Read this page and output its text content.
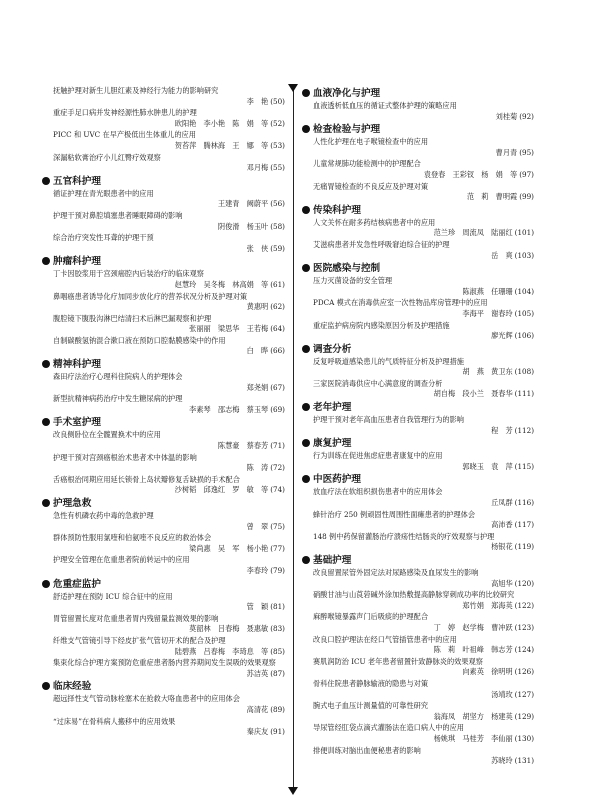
抚触护理对新生儿胆红素及神经行为能力的影响研究
李　艳 (50)
重症手足口病并发神经源性肺水肿患儿的护理
欧阳艳　李小艳　陈　娟　等 (52)
PICC 和 UVC 在早产极低出生体重儿的应用
贺苔萍　腾林海　王　娜　等 (53)
深漏粘软膏治疗小儿红臀疗效观察
邓月梅 (55)
五官科护理
循证护理在青光眼患者中的应用
王建青　阙蔚平 (56)
护理干预对鼻腔填塞患者睡眠障碍的影响
阴俊滑　杨玉叶 (58)
综合治疗突发性耳聋的护理干预
张　侠 (59)
肿瘤科护理
丁卡因胶浆用于宫颈癌腔内后装治疗的临床观察
赵慧玲　吴冬梅　林高娟　等 (61)
鼻咽癌患者诱导化疗加同步放化疗的营养状况分析及护理对策
黄惠明 (62)
腹腔镜下腹股沟淋巴结清扫术后淋巴漏观察和护理
张丽丽　梁思华　王若梅 (64)
自制碳酸氢钠混合漱口液在预防口腔黏膜感染中的作用
白　晔 (66)
精神科护理
森田疗法治疗心理科住院病人的护理体会
郑尧娟 (67)
新型抗精神病药治疗中发生糖尿病的护理
李素琴　邵志梅　蔡玉琴 (69)
手术室护理
改良侧卧位在全髋置换术中的应用
陈慧豪　蔡春芳 (71)
护理干预对宫颈癌根治术患者术中体温的影响
陈　涛 (72)
舌癌根治同期应用延长锁骨上岛状瓣修复舌缺损的手术配合
沙树韬　邱逸红　罗　敏　等 (74)
护理急救
急性有机磷农药中毒的急救护理
曾　翠 (75)
群体预防性服用氯喹和伯氨喹不良反应的救治体会
梁尚惠　吴　军　杨小艳 (77)
护理安全管理在危重患者院前转运中的应用
李春玲 (79)
危重症监护
舒适护理在预防 ICU 综合征中的应用
管　颖 (81)
胃管留置长度对危重患者胃内残留量监测效果的影响
莫韶林　吕春梅　聂惠敏 (83)
纤维支气管镜引导下经皮扩张气管切开术的配合及护理
陆碧燕　吕春梅　李琦息　等 (85)
集束化综合护理方案预防危重症患者肠内营养期间发生误吸的效果观察
苏洁英 (87)
临床经验
超远择性支气管动脉栓塞术在抢救大咯血患者中的应用体会
高清花 (89)
“过床易”在骨科病人搬移中的应用效果
秦庆友 (91)
血液净化与护理
血液透析低血压的循证式整体护理的策略应用
刘桂菊 (92)
检查检验与护理
人性化护理在电子喉镜检查中的应用
曹月青 (95)
儿童常规肺功能检测中的护理配合
袁登春　王彩钗　杨　娟　等 (97)
无痛胃镜检查的不良反应及护理对策
范　莉　曹明霞 (99)
传染科护理
人文关怀在耐多药结核病患者中的应用
范兰珍　周流凤　陆丽红 (101)
艾滋病患者并发急性呼吸窘迫综合征的护理
岳　爽 (103)
医院感染与控制
压力灭菌设备的安全管理
陈淑燕　任珊珊 (104)
PDCA 模式在消毒供应室一次性物品库房管理中的应用
李海平　谢春玲 (105)
重症监护病房院内感染原因分析及护理措施
廖光辉 (106)
调查分析
反复呼吸道感染患儿的气质特征分析及护理措施
胡　燕　黄卫东 (108)
三家医院消毒供应中心满意度的调查分析
胡自梅　段小兰　聂春华 (111)
老年护理
护理干预对老年高血压患者自我管理行为的影响
程　芳 (112)
康复护理
行为训练在促进焦虑症患者康复中的应用
郭晓玉　袁　萍 (115)
中医药护理
放血疗法在软组织损伤患者中的应用体会
丘凤群 (116)
蜂针治疗 250 例顽固性周围性面瘫患者的护理体会
高沛香 (117)
148 例中药保留灌肠治疗溃疡性结肠炎的疗效观察与护理
杨银花 (119)
基础护理
改良留置尿管外固定法对尿路感染及血尿发生的影响
高旭华 (120)
硝酸甘油与山莨菪碱外涂加热敷提高静脉穿刺成功率的比较研究
郑竹娟　郑海英 (122)
麻醉喉镜暴露声门后吸痰的护理配合
丁　婷　赵学梅　曹冲跃 (123)
改良口腔护理法在经口气管插管患者中的应用
陈　莉　叶祖峰　韩志芳 (124)
赛肌润防治 ICU 老年患者留置针致静脉炎的效果观察
向素英　徐明明 (126)
骨科住院患者静脉输液的隐患与对策
汤靖玫 (127)
腕式电子血压计测量值的可靠性研究
翁海凤　胡坚方　杨建英 (129)
导尿管经肛袋点滴式灌肠法在造口病人中的应用
杨姚琪　马桂芳　李仙丽 (130)
排便训练对脑出血便秘患者的影响
苏晓玲 (131)
